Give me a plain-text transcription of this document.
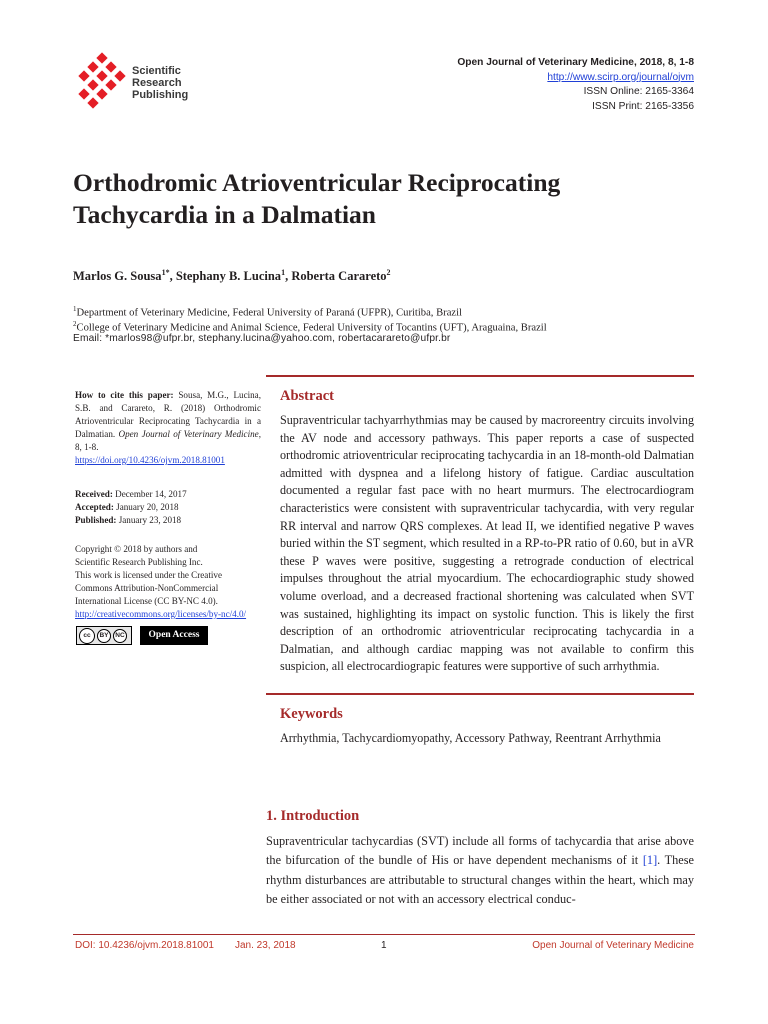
Scientific
Research
Publishing
Open Journal of Veterinary Medicine, 2018, 8, 1-8
http://www.scirp.org/journal/ojvm
ISSN Online: 2165-3364
ISSN Print: 2165-3356
Orthodromic Atrioventricular Reciprocating
Tachycardia in a Dalmatian
Marlos G. Sousa$^{1*}$, Stephany B. Lucina$^1$, Roberta Carareto$^2$
$^1$Department of Veterinary Medicine, Federal University of Paraná (UFPR), Curitiba, Brazil
$^2$College of Veterinary Medicine and Animal Science, Federal University of Tocantins (UFT), Araguaina, Brazil
Email: *marlos98@ufpr.br, stephany.lucina@yahoo.com, robertacarareto@ufpr.br
How to cite this paper: Sousa, M.G., Lucina, S.B. and Carareto, R. (2018) Orthodromic Atrioventricular Reciprocating Tachycardia in a Dalmatian. Open Journal of Veterinary Medicine, 8, 1-8.
https://doi.org/10.4236/ojvm.2018.81001
Received: December 14, 2017
Accepted: January 20, 2018
Published: January 23, 2018
Copyright © 2018 by authors and
Scientific Research Publishing Inc.
This work is licensed under the Creative
Commons Attribution-NonCommercial
International License (CC BY-NC 4.0).
http://creativecommons.org/licenses/by-nc/4.0/
cc	BY	NC	Open Access
Abstract
Supraventricular tachyarrhythmias may be caused by macroreentry circuits involving the AV node and accessory pathways. This paper reports a case of suspected orthodromic atrioventricular reciprocating tachycardia in an 18-month-old Dalmatian admitted with dyspnea and a lifelong history of fatigue. Cardiac auscultation documented a regular fast pace with no heart murmurs. The electrocardiogram characteristics were consistent with supraventricular tachycardia, with very regular RR interval and narrow QRS complexes. At lead II, we identified negative P waves buried within the ST segment, which resulted in a RP-to-PR ratio of 0.60, but in aVR these P waves were positive, suggesting a retrograde conduction of electrical impulses throughout the atrial myocardium. The echocardiographic study showed volume overload, and a decreased fractional shortening was calculated when SVT was sustained, highlighting its impact on systolic function. This is likely the first description of an orthodromic atrioventricular reciprocating tachycardia in a Dalmatian, and although cardiac mapping was not available to confirm this suspicion, all electrocardiograpic features were supportive of such arrhythmia.
Keywords
Arrhythmia, Tachycardiomyopathy, Accessory Pathway, Reentrant Arrhythmia
1. Introduction
Supraventricular tachycardias (SVT) include all forms of tachycardia that arise above the bifurcation of the bundle of His or have dependent mechanisms of it [1]. These rhythm disturbances are attributable to structural changes within the heart, which may be either associated or not with an accessory electrical conduc-
DOI: 10.4236/ojvm.2018.81001 Jan. 23, 2018	1	Open Journal of Veterinary Medicine
